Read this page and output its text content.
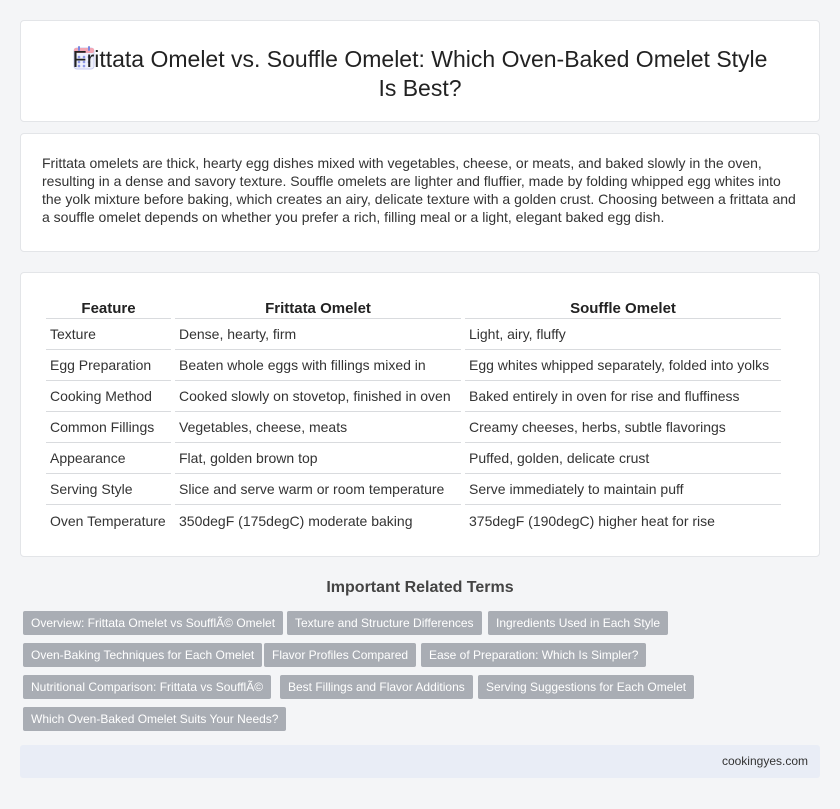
Frittata Omelet vs. Souffle Omelet: Which Oven-Baked Omelet Style Is Best?

Frittata omelets are thick, hearty egg dishes mixed with vegetables, cheese, or meats, and baked slowly in the oven, resulting in a dense and savory texture. Souffle omelets are lighter and fluffier, made by folding whipped egg whites into the yolk mixture before baking, which creates an airy, delicate texture with a golden crust. Choosing between a frittata and a souffle omelet depends on whether you prefer a rich, filling meal or a light, elegant baked egg dish.

Feature	Frittata Omelet	Souffle Omelet
Texture	Dense, hearty, firm	Light, airy, fluffy
Egg Preparation	Beaten whole eggs with fillings mixed in	Egg whites whipped separately, folded into yolks
Cooking Method	Cooked slowly on stovetop, finished in oven	Baked entirely in oven for rise and fluffiness
Common Fillings	Vegetables, cheese, meats	Creamy cheeses, herbs, subtle flavorings
Appearance	Flat, golden brown top	Puffed, golden, delicate crust
Serving Style	Slice and serve warm or room temperature	Serve immediately to maintain puff
Oven Temperature	350degF (175degC) moderate baking	375degF (190degC) higher heat for rise
Important Related Terms
Overview: Frittata Omelet vs SoufflÃ© Omelet	Texture and Structure Differences	Ingredients Used in Each Style
Oven-Baking Techniques for Each Omelet	Flavor Profiles Compared	Ease of Preparation: Which Is Simpler?
Nutritional Comparison: Frittata vs SoufflÃ©	Best Fillings and Flavor Additions	Serving Suggestions for Each Omelet
Which Oven-Baked Omelet Suits Your Needs?
cookingyes.com
